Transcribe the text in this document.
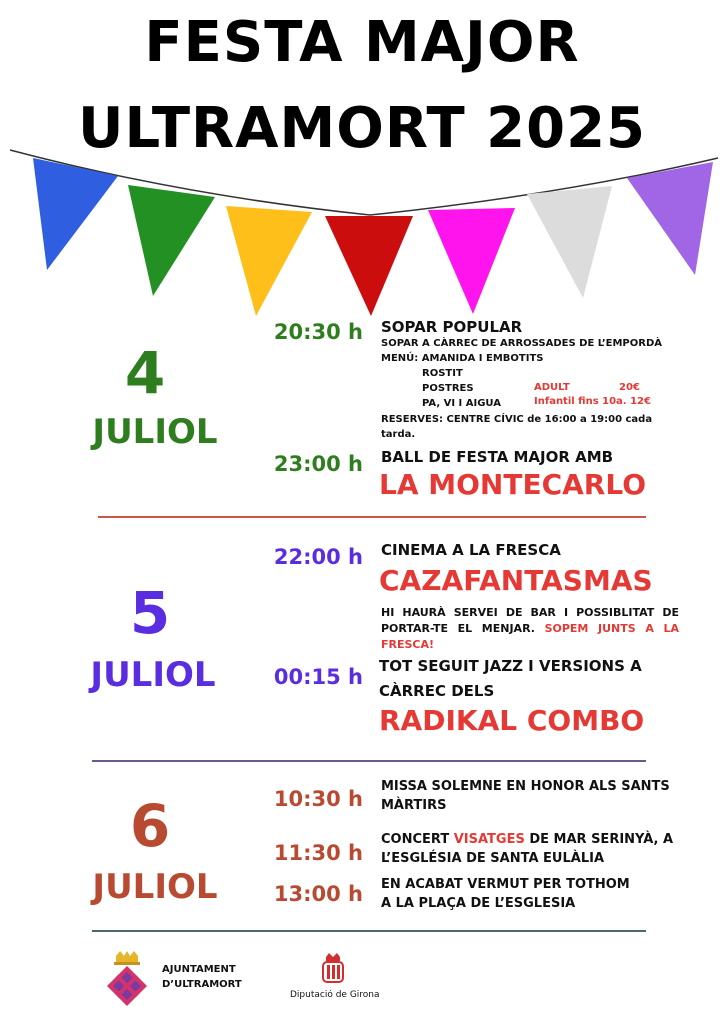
FESTA MAJOR
ULTRAMORT 2025
4
JULIOL
20:30 h SOPAR POPULAR
SOPAR A CÀRREC DE ARROSSADES DE L’EMPORDÀ
MENÚ: AMANIDA I EMBOTITS
ROSTIT
POSTRES
PA, VI I AIGUA
ADULT	20€
Infantil fins 10a. 12€
RESERVES: CENTRE CÍVIC de 16:00 a 19:00 cada tarda.
23:00 h BALL DE FESTA MAJOR AMB
LA MONTECARLO
5
JULIOL
22:00 h CINEMA A LA FRESCA
CAZAFANTASMAS
HI HAURÀ SERVEI DE BAR I POSSIBLITAT DE PORTAR-TE EL MENJAR. SOPEM JUNTS A LA FRESCA!
00:15 h TOT SEGUIT JAZZ I VERSIONS A
CÀRREC DELS
RADIKAL COMBO
6
JULIOL
10:30 h
MISSA SOLEMNE EN HONOR ALS SANTS
MÀRTIRS
11:30 h
CONCERT VISATGES DE MAR SERINYÀ, A
L’ESGLÉSIA DE SANTA EULÀLIA
13:00 h EN ACABAT VERMUT PER TOTHOM
A LA PLAÇA DE L’ESGLESIA
AJUNTAMENT
D’ULTRAMORT
Diputació de Girona
